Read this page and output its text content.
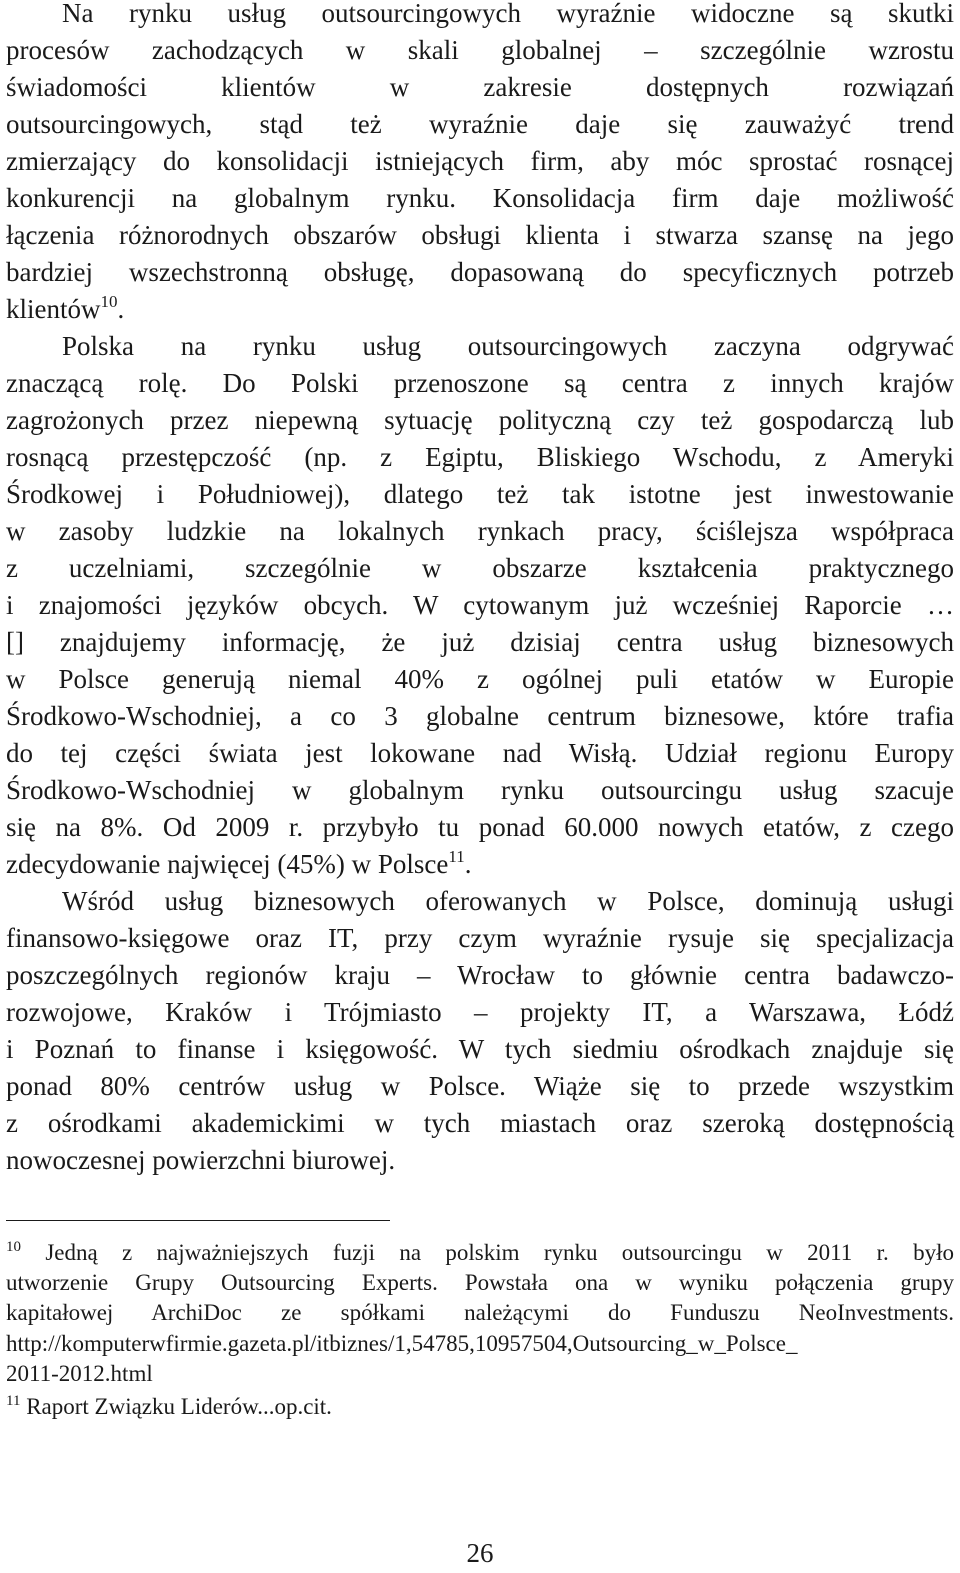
Na rynku usług outsourcingowych wyraźnie widoczne są skutki
procesów zachodzących w skali globalnej – szczególnie wzrostu
świadomości klientów w zakresie dostępnych rozwiązań
outsourcingowych, stąd też wyraźnie daje się zauważyć trend
zmierzający do konsolidacji istniejących firm, aby móc sprostać rosnącej
konkurencji na globalnym rynku. Konsolidacja firm daje możliwość
łączenia różnorodnych obszarów obsługi klienta i stwarza szansę na jego
bardziej wszechstronną obsługę, dopasowaną do specyficznych potrzeb
klientów$^{10}$.
Polska na rynku usług outsourcingowych zaczyna odgrywać
znaczącą rolę. Do Polski przenoszone są centra z innych krajów
zagrożonych przez niepewną sytuację polityczną czy też gospodarczą lub
rosnącą przestępczość (np. z Egiptu, Bliskiego Wschodu, z Ameryki
Środkowej i Południowej), dlatego też tak istotne jest inwestowanie
w zasoby ludzkie na lokalnych rynkach pracy, ściślejsza współpraca
z uczelniami, szczególnie w obszarze kształcenia praktycznego
i znajomości języków obcych. W cytowanym już wcześniej Raporcie …
[] znajdujemy informację, że już dzisiaj centra usług biznesowych
w Polsce generują niemal 40% z ogólnej puli etatów w Europie
Środkowo-Wschodniej, a co 3 globalne centrum biznesowe, które trafia
do tej części świata jest lokowane nad Wisłą. Udział regionu Europy
Środkowo-Wschodniej w globalnym rynku outsourcingu usług szacuje
się na 8%. Od 2009 r. przybyło tu ponad 60.000 nowych etatów, z czego
zdecydowanie najwięcej (45%) w Polsce$^{11}$.
Wśród usług biznesowych oferowanych w Polsce, dominują usługi
finansowo-księgowe oraz IT, przy czym wyraźnie rysuje się specjalizacja
poszczególnych regionów kraju – Wrocław to głównie centra badawczo-
rozwojowe, Kraków i Trójmiasto – projekty IT, a Warszawa, Łódź
i Poznań to finanse i księgowość. W tych siedmiu ośrodkach znajduje się
ponad 80% centrów usług w Polsce. Wiąże się to przede wszystkim
z ośrodkami akademickimi w tych miastach oraz szeroką dostępnością
nowoczesnej powierzchni biurowej.
$^{10}$ Jedną z najważniejszych fuzji na polskim rynku outsourcingu w 2011 r. było
utworzenie Grupy Outsourcing Experts. Powstała ona w wyniku połączenia grupy
kapitałowej ArchiDoc ze spółkami należącymi do Funduszu NeoInvestments.
http://komputerwfirmie.gazeta.pl/itbiznes/1,54785,10957504,Outsourcing_w_Polsce_
2011-2012.html
$^{11}$ Raport Związku Liderów...op.cit.
26
